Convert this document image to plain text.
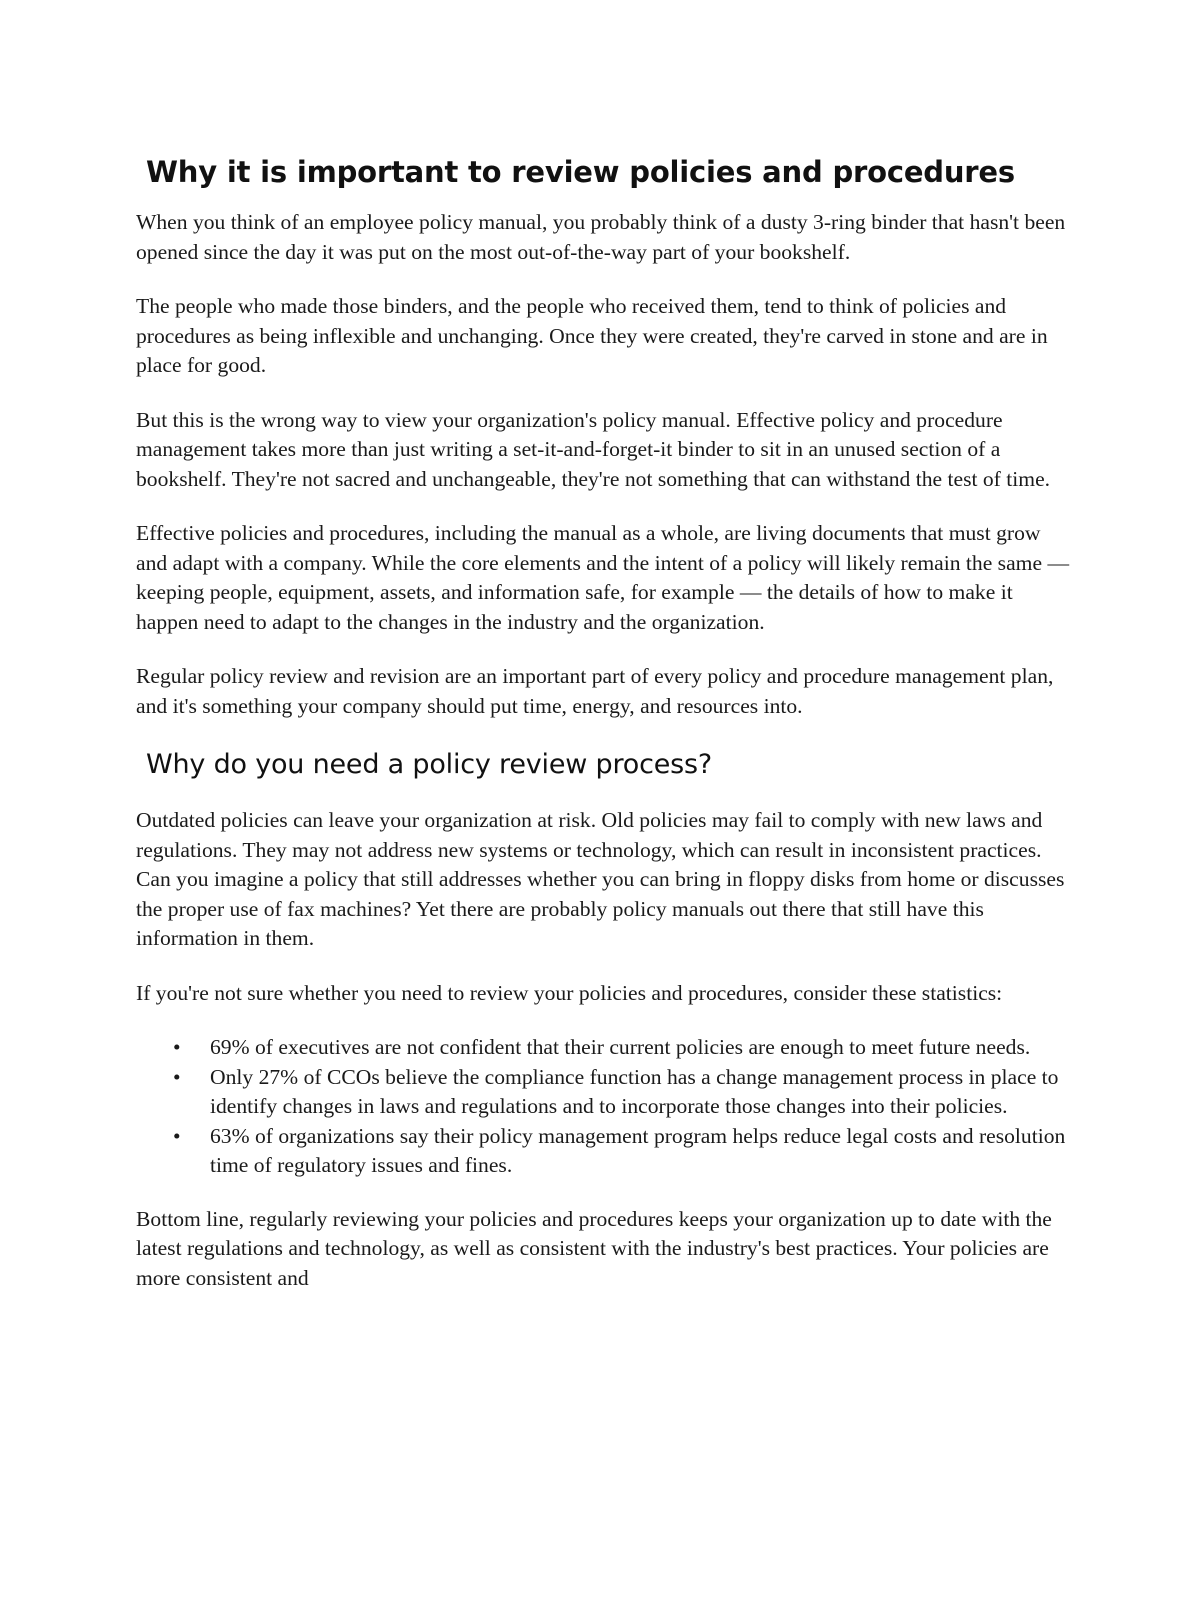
Why it is important to review policies and procedures

When you think of an employee policy manual, you probably think of a dusty 3-ring binder that hasn't been opened since the day it was put on the most out-of-the-way part of your bookshelf.

The people who made those binders, and the people who received them, tend to think of policies and procedures as being inflexible and unchanging. Once they were created, they're carved in stone and are in place for good.

But this is the wrong way to view your organization's policy manual. Effective policy and procedure management takes more than just writing a set-it-and-forget-it binder to sit in an unused section of a bookshelf. They're not sacred and unchangeable, they're not something that can withstand the test of time.

Effective policies and procedures, including the manual as a whole, are living documents that must grow and adapt with a company. While the core elements and the intent of a policy will likely remain the same — keeping people, equipment, assets, and information safe, for example — the details of how to make it happen need to adapt to the changes in the industry and the organization.

Regular policy review and revision are an important part of every policy and procedure management plan, and it's something your company should put time, energy, and resources into.

Why do you need a policy review process?

Outdated policies can leave your organization at risk. Old policies may fail to comply with new laws and regulations. They may not address new systems or technology, which can result in inconsistent practices. Can you imagine a policy that still addresses whether you can bring in floppy disks from home or discusses the proper use of fax machines? Yet there are probably policy manuals out there that still have this information in them.

If you're not sure whether you need to review your policies and procedures, consider these statistics:

• 69% of executives are not confident that their current policies are enough to meet future needs.
• Only 27% of CCOs believe the compliance function has a change management process in place to identify changes in laws and regulations and to incorporate those changes into their policies.
• 63% of organizations say their policy management program helps reduce legal costs and resolution time of regulatory issues and fines.

Bottom line, regularly reviewing your policies and procedures keeps your organization up to date with the latest regulations and technology, as well as consistent with the industry's best practices. Your policies are more consistent and
